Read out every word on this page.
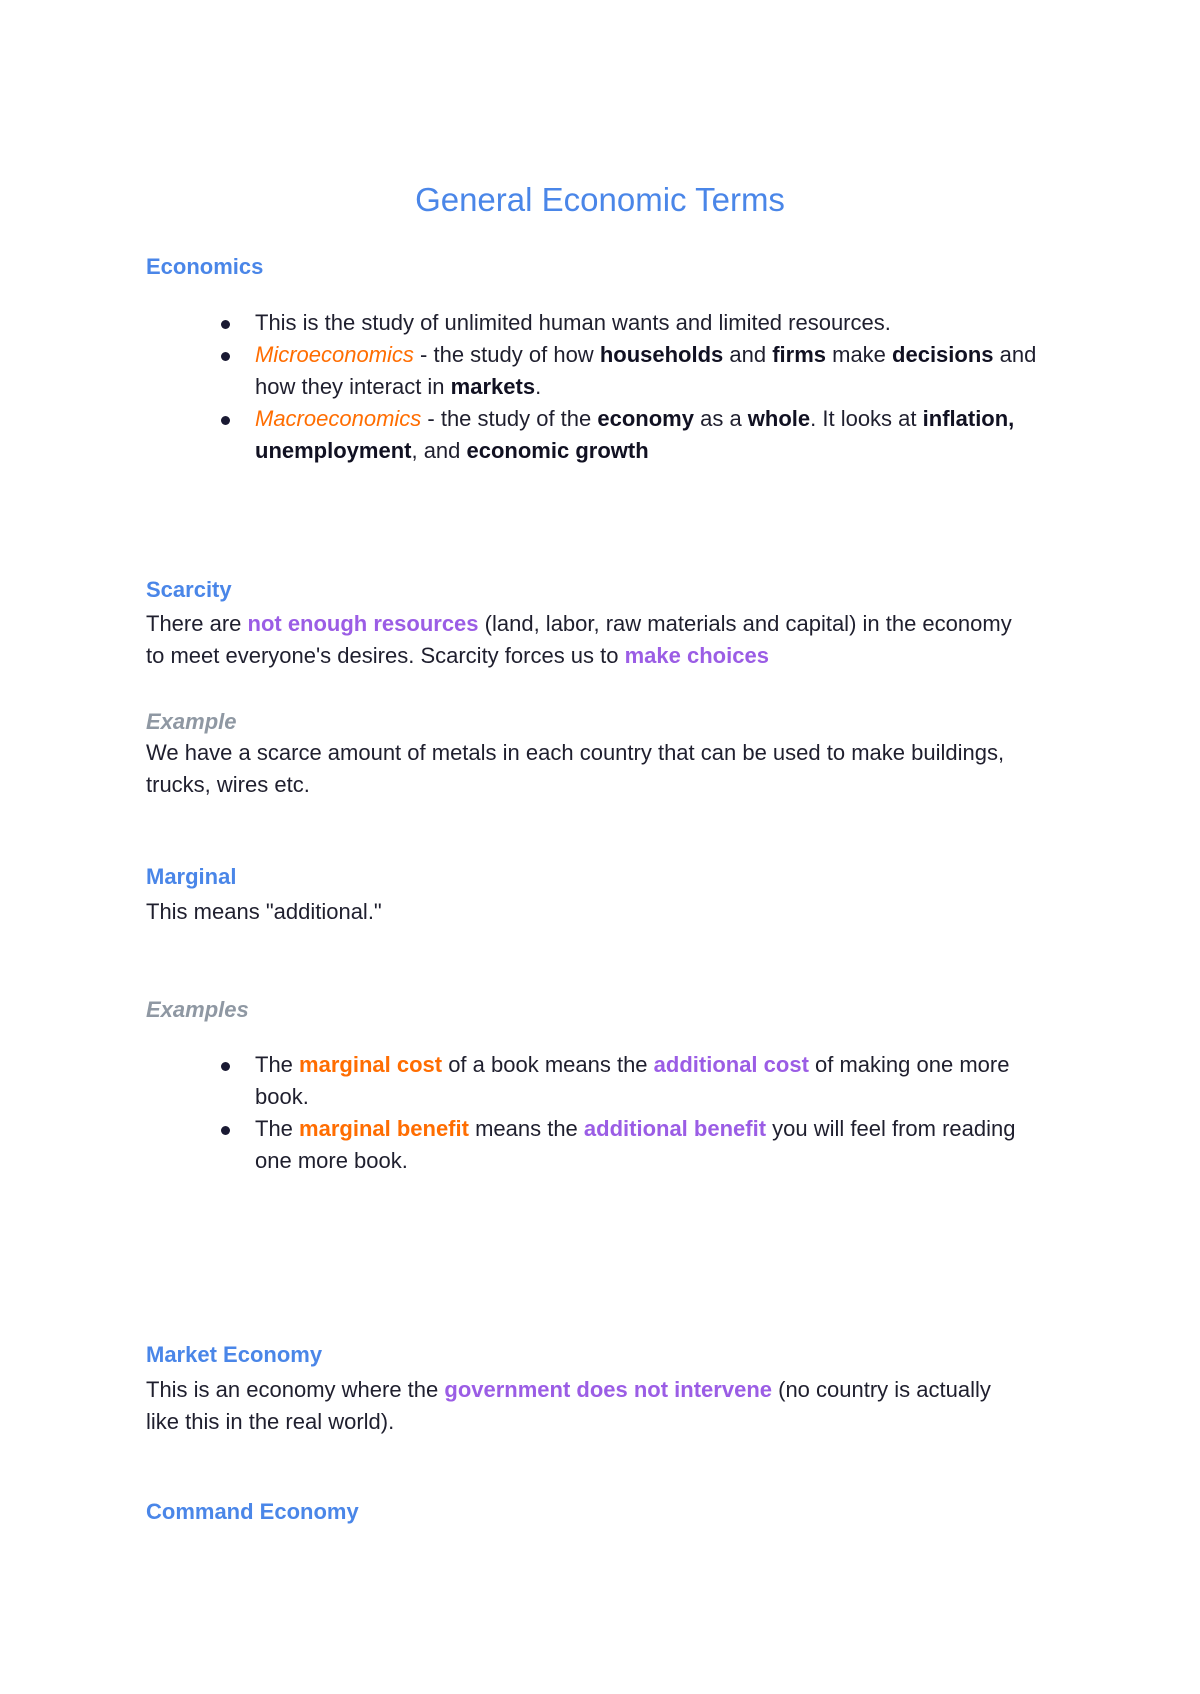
General Economic Terms
Economics
This is the study of unlimited human wants and limited resources.
Microeconomics - the study of how households and firms make decisions and how they interact in markets.
Macroeconomics - the study of the economy as a whole. It looks at inflation, unemployment, and economic growth
Scarcity

There are not enough resources (land, labor, raw materials and capital) in the economy to meet everyone's desires. Scarcity forces us to make choices

Example

We have a scarce amount of metals in each country that can be used to make buildings, trucks, wires etc.

Marginal

This means "additional."

Examples
The marginal cost of a book means the additional cost of making one more book.
The marginal benefit means the additional benefit you will feel from reading one more book.
Market Economy

This is an economy where the government does not intervene (no country is actually like this in the real world).

Command Economy
